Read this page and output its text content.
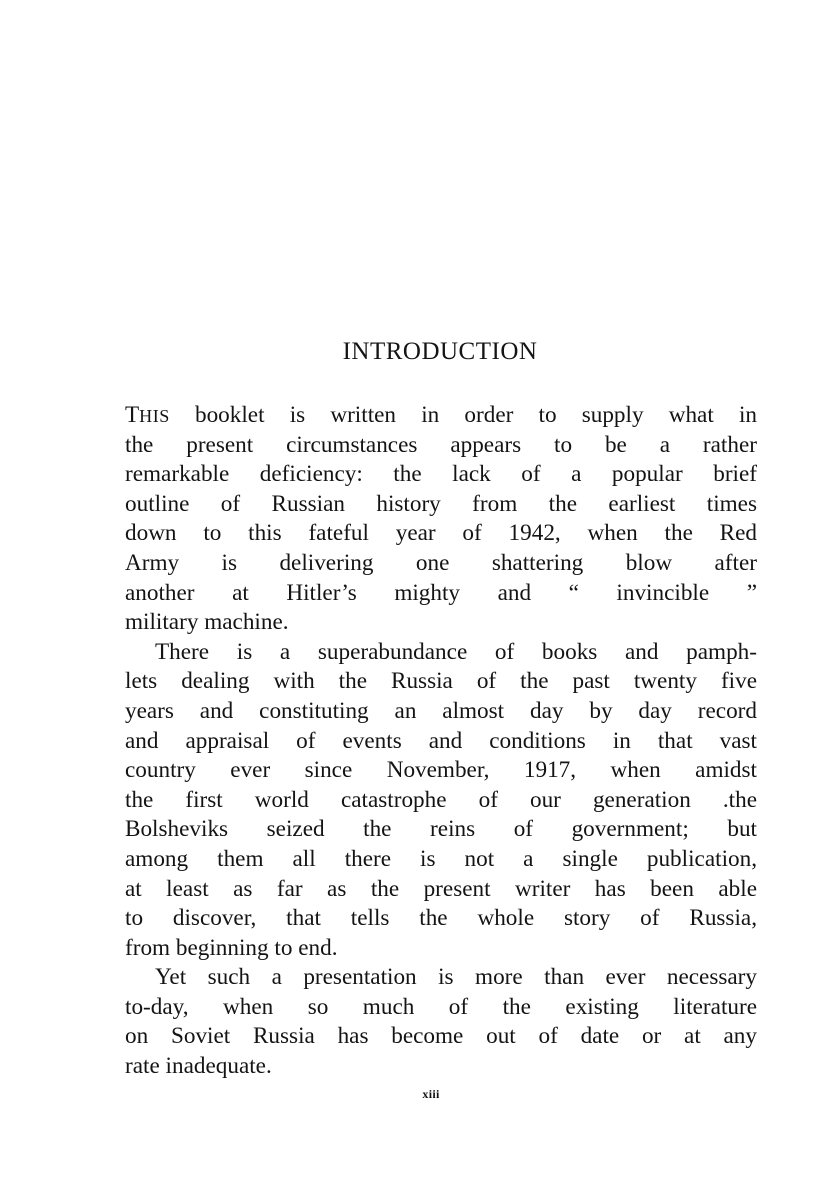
INTRODUCTION
THIS booklet is written in order to supply what in
the present circumstances appears to be a rather
remarkable deficiency: the lack of a popular brief
outline of Russian history from the earliest times
down to this fateful year of 1942, when the Red
Army is delivering one shattering blow after
another at Hitler’s mighty and “ invincible ”
military machine.
There is a superabundance of books and pamph-
lets dealing with the Russia of the past twenty five
years and constituting an almost day by day record
and appraisal of events and conditions in that vast
country ever since November, 1917, when amidst
the first world catastrophe of our generation .the
Bolsheviks seized the reins of government; but
among them all there is not a single publication,
at least as far as the present writer has been able
to discover, that tells the whole story of Russia,
from beginning to end.
Yet such a presentation is more than ever necessary
to-day, when so much of the existing literature
on Soviet Russia has become out of date or at any
rate inadequate.
xiii
